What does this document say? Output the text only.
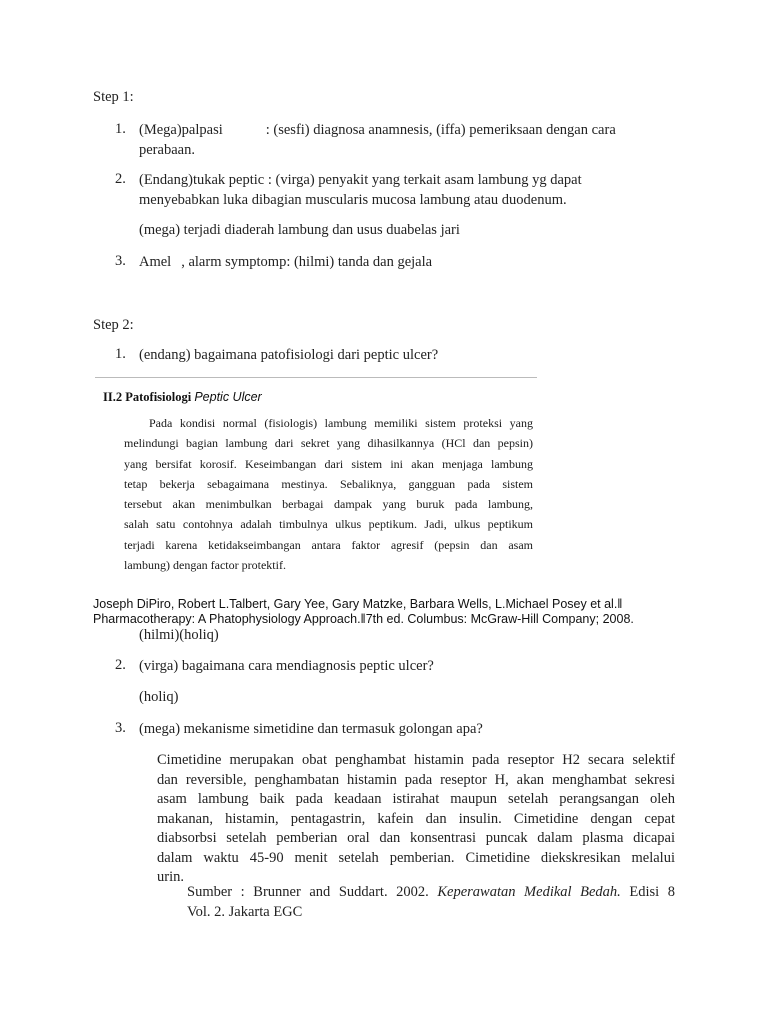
Step 1:
1. (Mega)palpasi	: (sesfi) diagnosa anamnesis, (iffa) pemeriksaan dengan cara
perabaan.
2. (Endang)tukak peptic : (virga) penyakit yang terkait asam lambung yg dapat
menyebabkan luka dibagian muscularis mucosa lambung atau duodenum.
(mega) terjadi diaderah lambung dan usus duabelas jari
3. Amel , alarm symptomp: (hilmi) tanda dan gejala
Step 2:
1. (endang) bagaimana patofisiologi dari peptic ulcer?
II.2 Patofisiologi Peptic Ulcer
Pada kondisi normal (fisiologis) lambung memiliki sistem proteksi yang
melindungi bagian lambung dari sekret yang dihasilkannya (HCl dan pepsin)
yang bersifat korosif. Keseimbangan dari sistem ini akan menjaga lambung
tetap bekerja sebagaimana mestinya. Sebaliknya, gangguan pada sistem
tersebut akan menimbulkan berbagai dampak yang buruk pada lambung,
salah satu contohnya adalah timbulnya ulkus peptikum. Jadi, ulkus peptikum
terjadi karena ketidakseimbangan antara faktor agresif (pepsin dan asam
lambung) dengan factor protektif.
Joseph DiPiro, Robert L.Talbert, Gary Yee, Gary Matzke, Barbara Wells, L.Michael Posey et al.‖
Pharmacotherapy: A Phatophysiology Approach.‖7th ed. Columbus: McGraw-Hill Company; 2008.
(hilmi)(holiq)
2. (virga) bagaimana cara mendiagnosis peptic ulcer?
(holiq)
3. (mega) mekanisme simetidine dan termasuk golongan apa?
Cimetidine merupakan obat penghambat histamin pada reseptor H2 secara selektif
dan reversible, penghambatan histamin pada reseptor H, akan menghambat sekresi
asam lambung baik pada keadaan istirahat maupun setelah perangsangan oleh
makanan, histamin, pentagastrin, kafein dan insulin. Cimetidine dengan cepat
diabsorbsi setelah pemberian oral dan konsentrasi puncak dalam plasma dicapai
dalam waktu 45-90 menit setelah pemberian. Cimetidine diekskresikan melalui
urin.
Sumber : Brunner and Suddart. 2002. Keperawatan Medikal Bedah. Edisi 8
Vol. 2. Jakarta EGC
